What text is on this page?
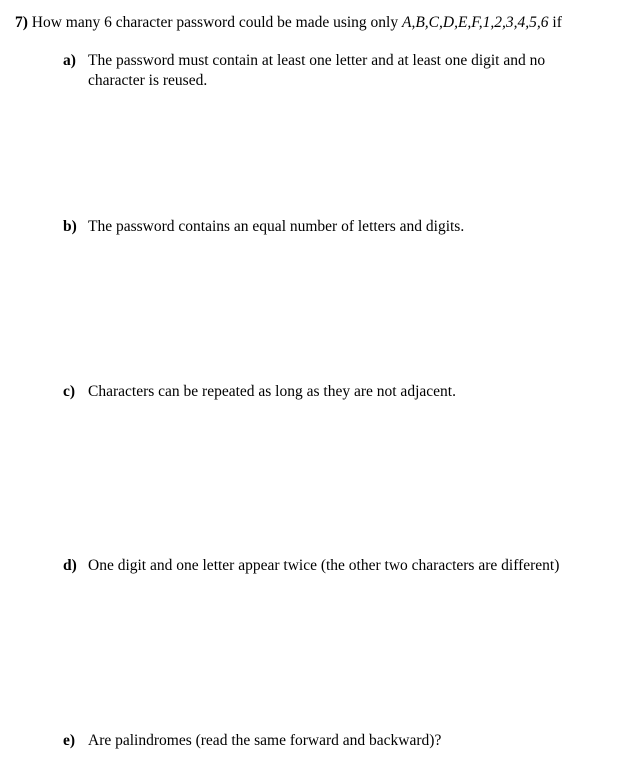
7) How many 6 character password could be made using only A,B,C,D,E,F,1,2,3,4,5,6 if
a) The password must contain at least one letter and at least one digit and no character is reused.
b) The password contains an equal number of letters and digits.
c) Characters can be repeated as long as they are not adjacent.
d) One digit and one letter appear twice (the other two characters are different)
e) Are palindromes (read the same forward and backward)?
